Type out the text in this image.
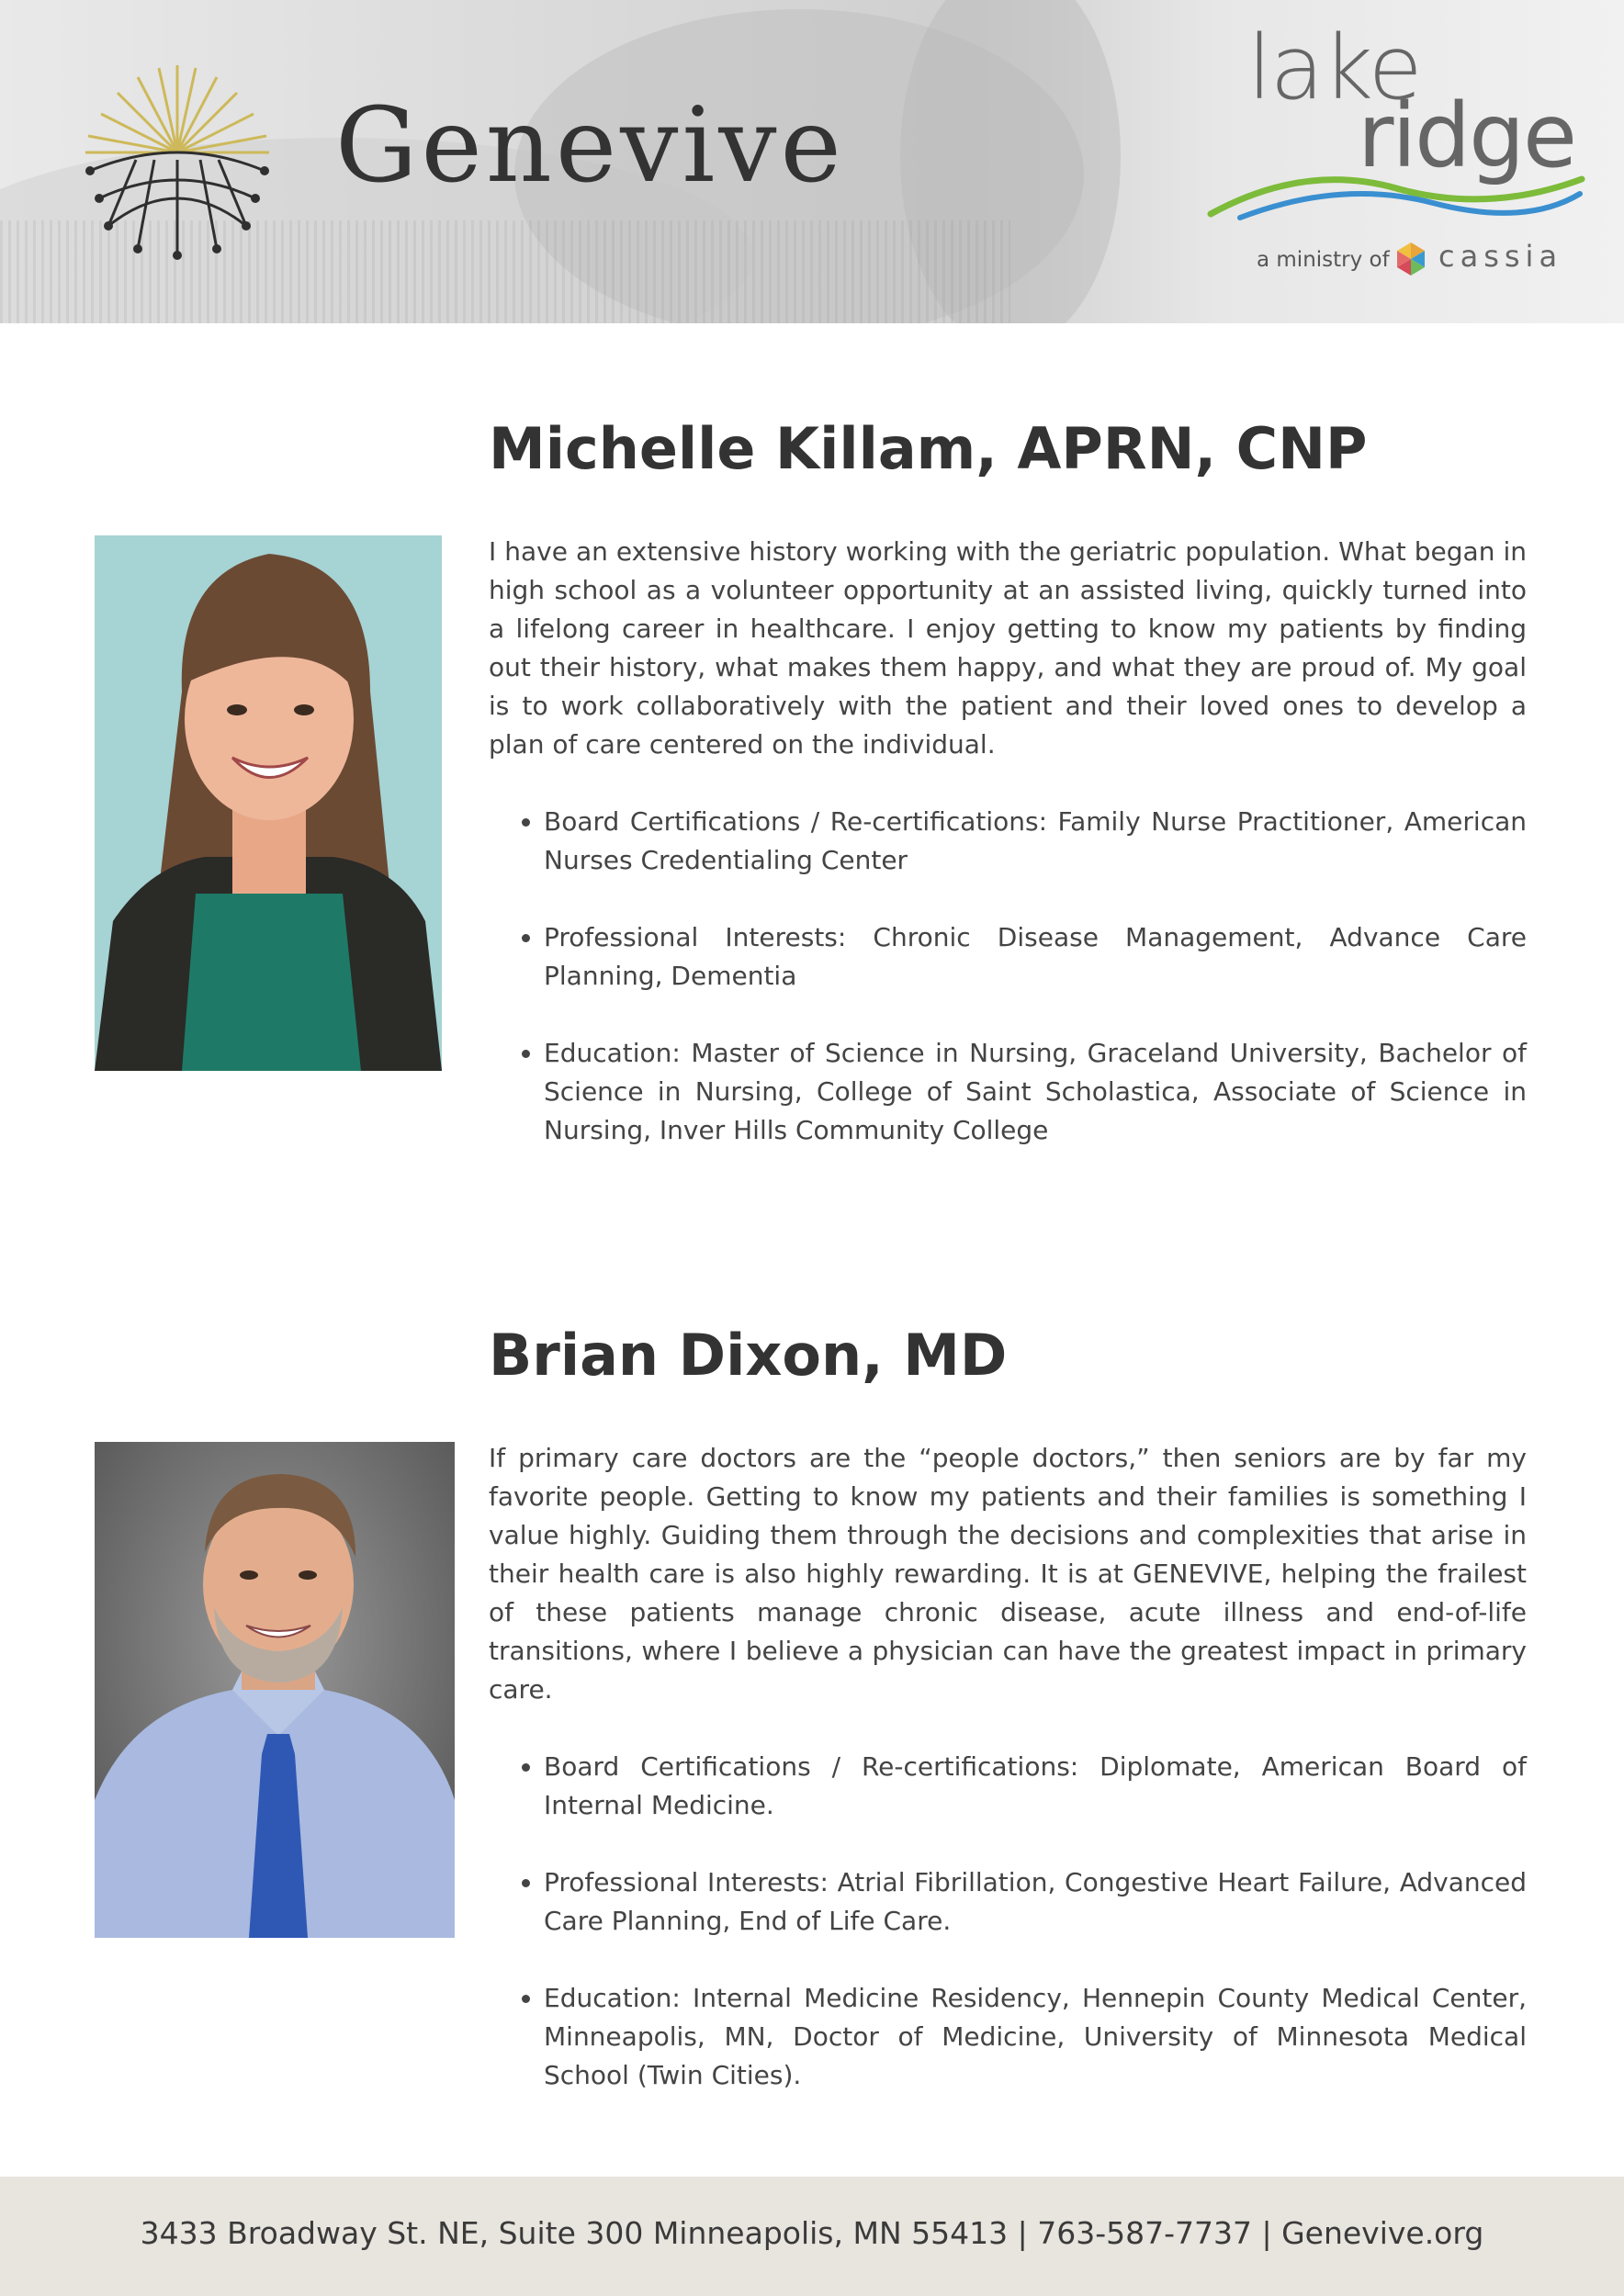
Genevive
lake
ridge
a ministry of cassia
Michelle Killam, APRN, CNP

I have an extensive history working with the geriatric population. What began in high school as a volunteer opportunity at an assisted living, quickly turned into a lifelong career in healthcare. I enjoy getting to know my patients by finding out their history, what makes them happy, and what they are proud of. My goal is to work collaboratively with the patient and their loved ones to develop a plan of care centered on the individual.

• Board Certifications / Re-certifications: Family Nurse Practitioner, American Nurses Credentialing Center
• Professional Interests: Chronic Disease Management, Advance Care Planning, Dementia
• Education: Master of Science in Nursing, Graceland University, Bachelor of Science in Nursing, College of Saint Scholastica, Associate of Science in Nursing, Inver Hills Community College
Brian Dixon, MD

If primary care doctors are the “people doctors,” then seniors are by far my favorite people. Getting to know my patients and their families is something I value highly. Guiding them through the decisions and complexities that arise in their health care is also highly rewarding. It is at GENEVIVE, helping the frailest of these patients manage chronic disease, acute illness and end-of-life transitions, where I believe a physician can have the greatest impact in primary care.

• Board Certifications / Re-certifications: Diplomate, American Board of Internal Medicine.
• Professional Interests: Atrial Fibrillation, Congestive Heart Failure, Advanced Care Planning, End of Life Care.
• Education: Internal Medicine Residency, Hennepin County Medical Center, Minneapolis, MN, Doctor of Medicine, University of Minnesota Medical School (Twin Cities).
3433 Broadway St. NE, Suite 300 Minneapolis, MN 55413 | 763-587-7737 | Genevive.org
